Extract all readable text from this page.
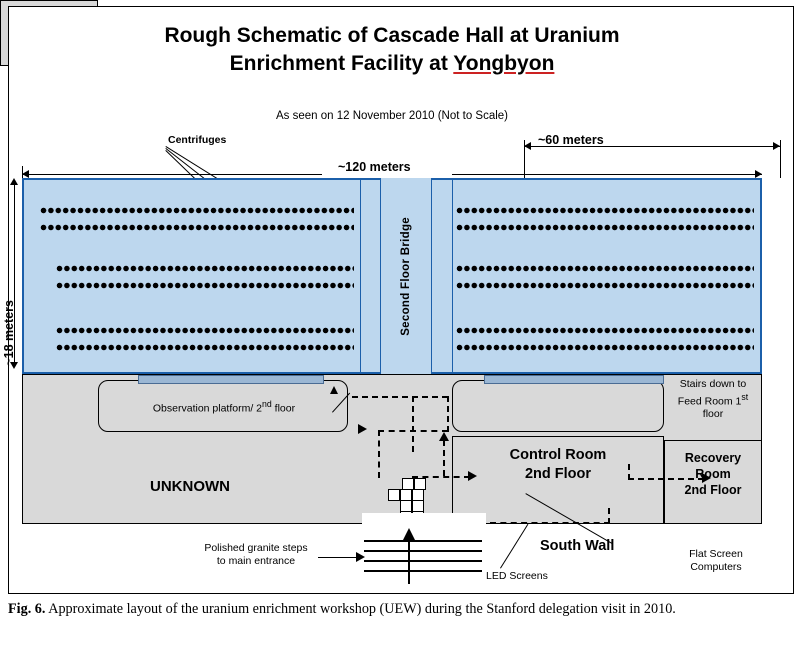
Rough Schematic of Cascade Hall at Uranium
Enrichment Facility at Yongbyon
As seen on 12 November 2010 (Not to Scale)
~60 meters
~120 meters
~18 meters
Centrifuges
Second Floor Bridge
Observation platform/ 2nd floor
UNKNOWN
Stairs down to
Feed Room 1st
floor
Control Room
2nd Floor
Recovery
Room
2nd Floor
Polished granite steps
to main entrance
LED Screens
South Wall	Flat Screen
Computers
Fig. 6. Approximate layout of the uranium enrichment workshop (UEW) during the Stanford delegation visit in 2010.
